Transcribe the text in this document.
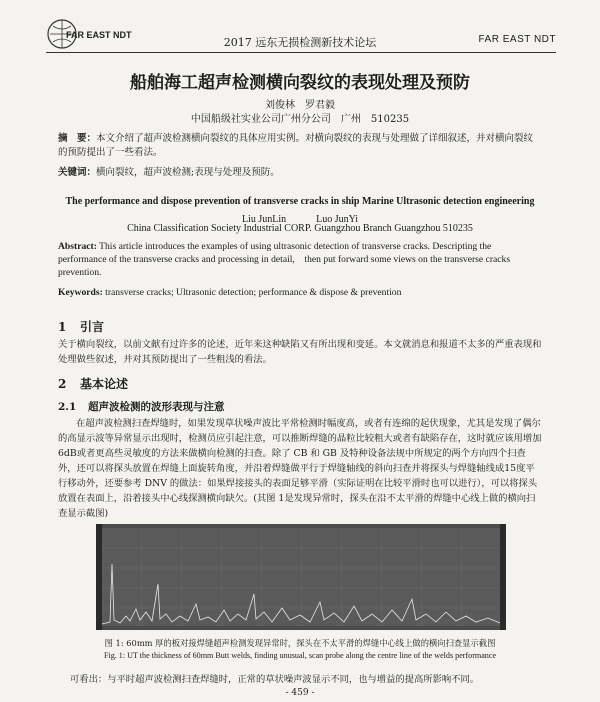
FAR EAST NDT
2017 远东无损检测新技术论坛	FAR EAST NDT
船舶海工超声检测横向裂纹的表现处理及预防
刘俊林　罗君毅
中国船级社实业公司广州分公司　广州　510235
摘　要：本文介绍了超声波检测横向裂纹的具体应用实例。对横向裂纹的表现与处理做了详细叙述，并对横向裂纹的预防提出了一些看法。
关键词：横向裂纹，超声波检测;表现与处理及预防。
The performance and dispose prevention of transverse cracks in ship Marine Ultrasonic detection engineering
Liu JunLin　　　Luo JunYi
China Classification Society Industrial CORP. Guangzhou Branch Guangzhou 510235
Abstract: This article introduces the examples of using ultrasonic detection of transverse cracks. Descripting the performance of the transverse cracks and processing in detail,　then put forward some views on the transverse cracks prevention.
Keywords: transverse cracks; Ultrasonic detection; performance & dispose & prevention
1 引言
关于横向裂纹，以前文献有过许多的论述，近年来这种缺陷又有所出现和变延。本文就消息和报道不太多的严重表现和处理做些叙述，并对其预防提出了一些粗浅的看法。
2 基本论述
2.1 超声波检测的波形表现与注意
在超声波检测扫查焊缝时，如果发现草状噪声波比平常检测时幅度高，或者有连绵的起伏现象，尤其是发现了偶尔的高显示波等异常显示出现时，检测员应引起注意，可以推断焊缝的晶粒比较粗大或者有缺陷存在，这时就应该用增加6dB或者更高些灵敏度的方法来做横向检测的扫查。除了 CB 和 GB 及特种设备法规中所规定的两个方向四个扫查外，还可以将探头放置在焊缝上面旋转角度，并沿着焊缝做平行于焊缝轴线的斜向扫查并将探头与焊缝轴线成15度平行移动外，还要参考 DNV 的做法：如果焊接接头的表面足够平滑（实际证明在比较平滑时也可以进行），可以将探头放置在表面上，沿着接头中心线探测横向缺欠。(其图 1是发现异常时，探头在沿不太平滑的焊缝中心线上做的横向扫查显示截图)
图 1: 60mm 厚的板对接焊缝超声检测发现异常时，探头在不太平滑的焊缝中心线上做的横向扫查显示截图
Fig. 1: UT the thickness of 60mm Butt welds, finding unusual, scan probe along the centre line of the welds performance
可看出：与平时超声波检测扫查焊缝时，正常的草状噪声波显示不同，也与增益的提高所影响不同。
- 459 -
